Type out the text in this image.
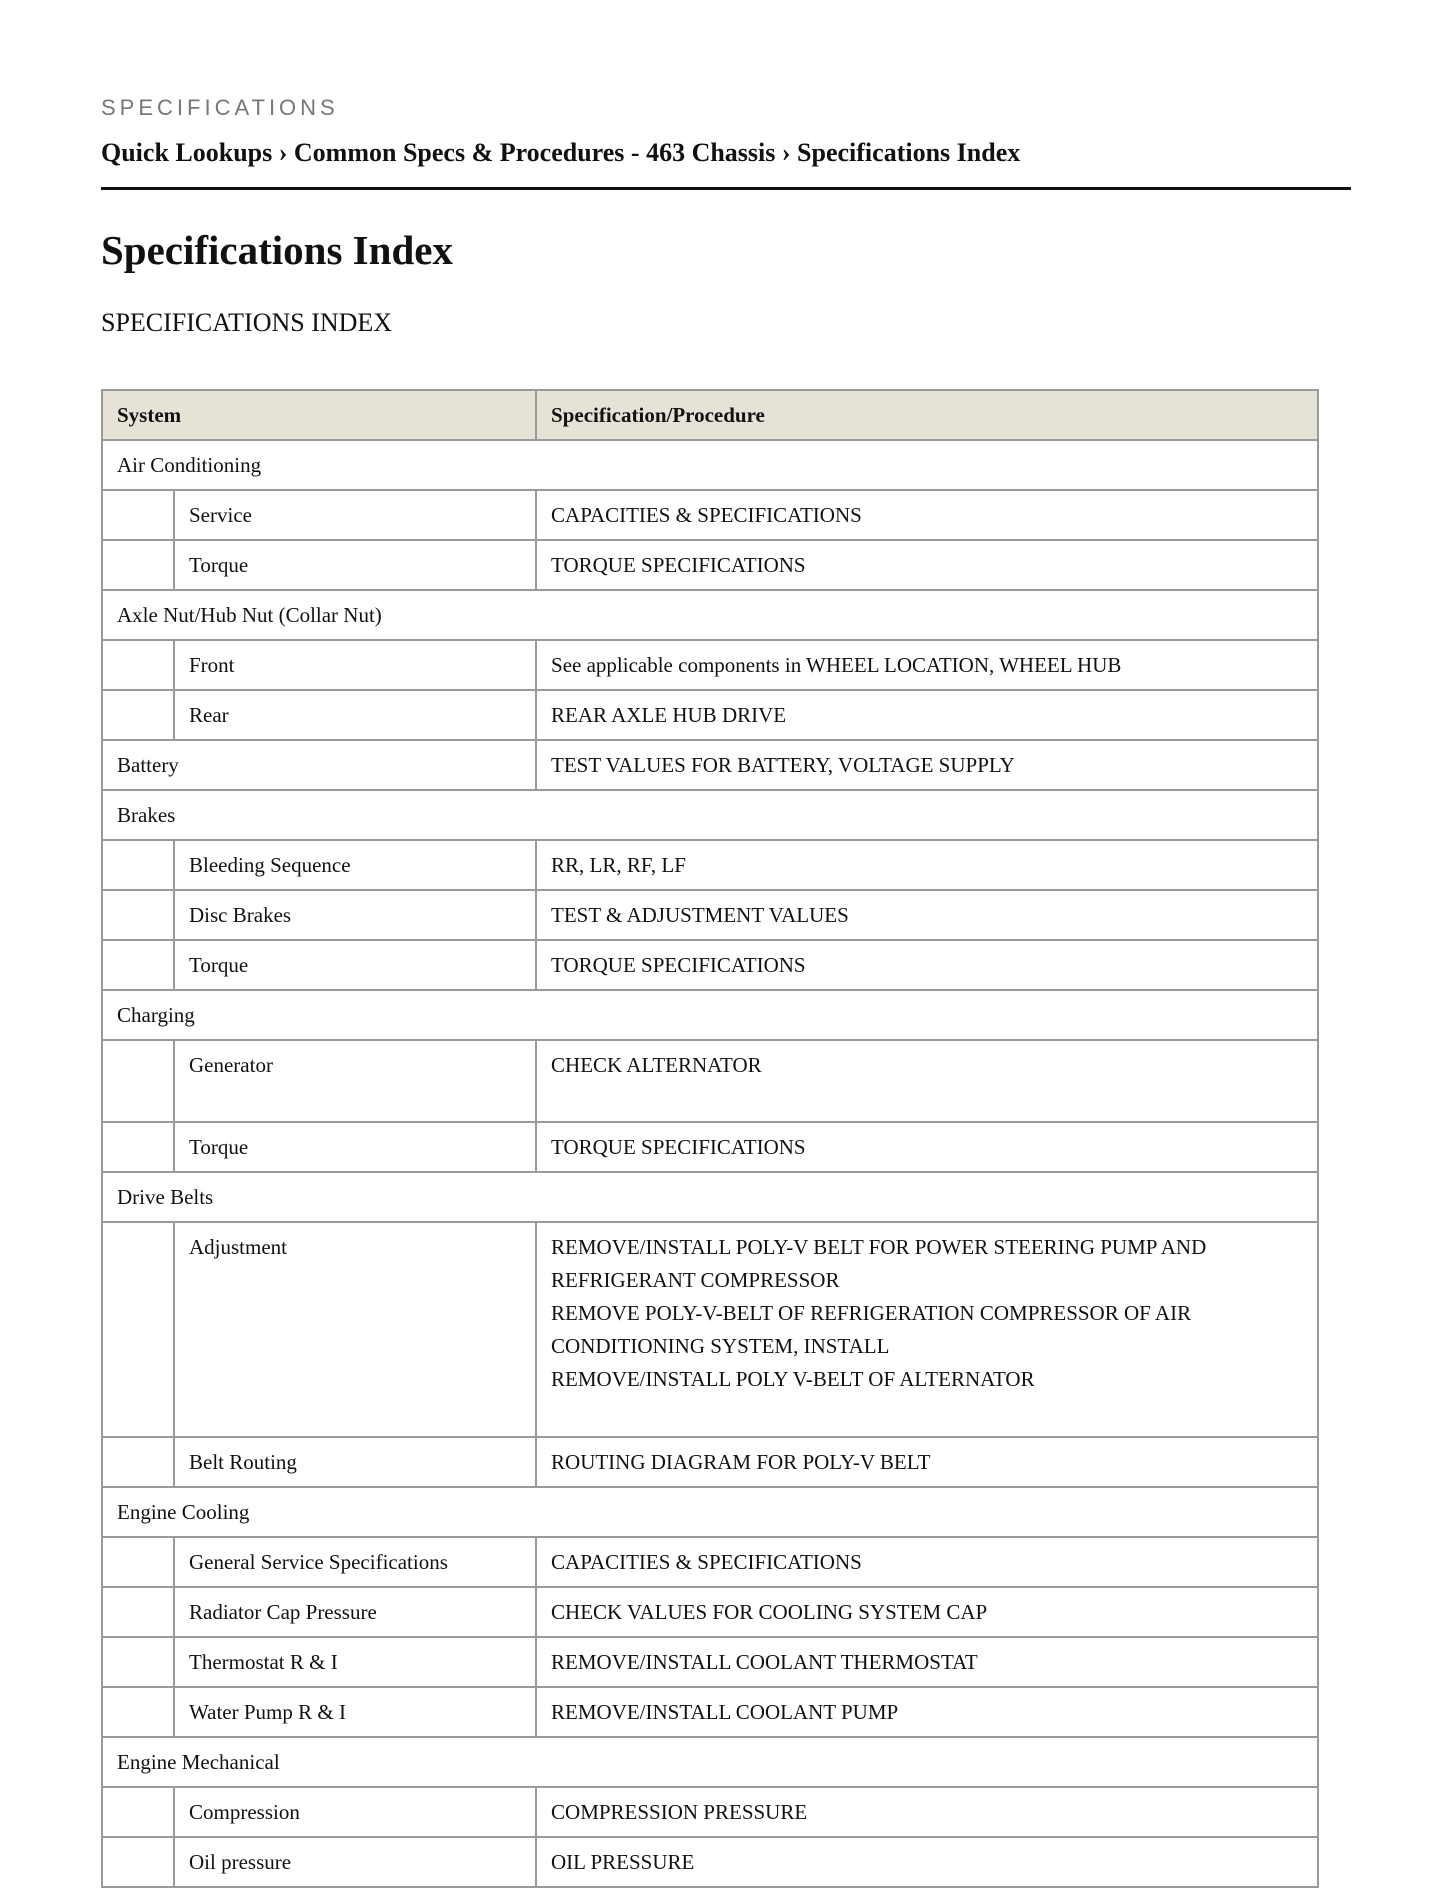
SPECIFICATIONS
Quick Lookups › Common Specs & Procedures - 463 Chassis › Specifications Index
Specifications Index
SPECIFICATIONS INDEX
System		Specification/Procedure
Air Conditioning		
	Service	CAPACITIES & SPECIFICATIONS
	Torque	TORQUE SPECIFICATIONS
Axle Nut/Hub Nut (Collar Nut)		
	Front	See applicable components in WHEEL LOCATION, WHEEL HUB
	Rear	REAR AXLE HUB DRIVE
Battery		TEST VALUES FOR BATTERY, VOLTAGE SUPPLY
Brakes		
	Bleeding Sequence	RR, LR, RF, LF
	Disc Brakes	TEST & ADJUSTMENT VALUES
	Torque	TORQUE SPECIFICATIONS
Charging		
	Generator	CHECK ALTERNATOR
	Torque	TORQUE SPECIFICATIONS
Drive Belts		
	Adjustment	REMOVE/INSTALL POLY-V BELT FOR POWER STEERING PUMP AND REFRIGERANT COMPRESSOR
REMOVE POLY-V-BELT OF REFRIGERATION COMPRESSOR OF AIR CONDITIONING SYSTEM, INSTALL
REMOVE/INSTALL POLY V-BELT OF ALTERNATOR

	Belt Routing	ROUTING DIAGRAM FOR POLY-V BELT
Engine Cooling		
	General Service Specifications	CAPACITIES & SPECIFICATIONS
	Radiator Cap Pressure	CHECK VALUES FOR COOLING SYSTEM CAP
	Thermostat R & I	REMOVE/INSTALL COOLANT THERMOSTAT
	Water Pump R & I	REMOVE/INSTALL COOLANT PUMP
Engine Mechanical		
	Compression	COMPRESSION PRESSURE
	Oil pressure	OIL PRESSURE
